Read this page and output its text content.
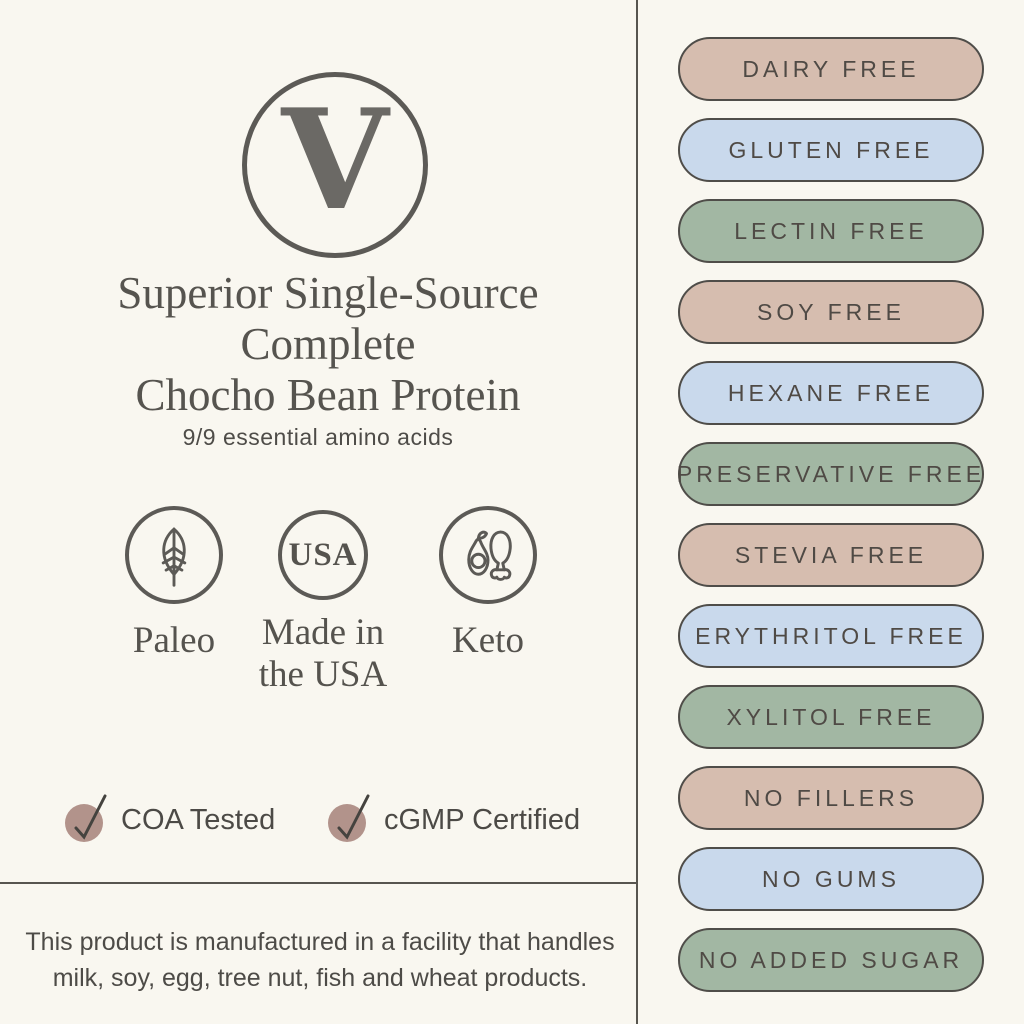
V
Superior Single-Source
Complete
Chocho Bean Protein
9/9 essential amino acids
Paleo
USA
Made in the USA
Keto
COA Tested	cGMP Certified
This product is manufactured in a facility that handles
milk, soy, egg, tree nut, fish and wheat products.
DAIRY FREE
GLUTEN FREE
LECTIN FREE
SOY FREE
HEXANE FREE
PRESERVATIVE FREE
STEVIA FREE
ERYTHRITOL FREE
XYLITOL FREE
NO FILLERS
NO GUMS
NO ADDED SUGAR
